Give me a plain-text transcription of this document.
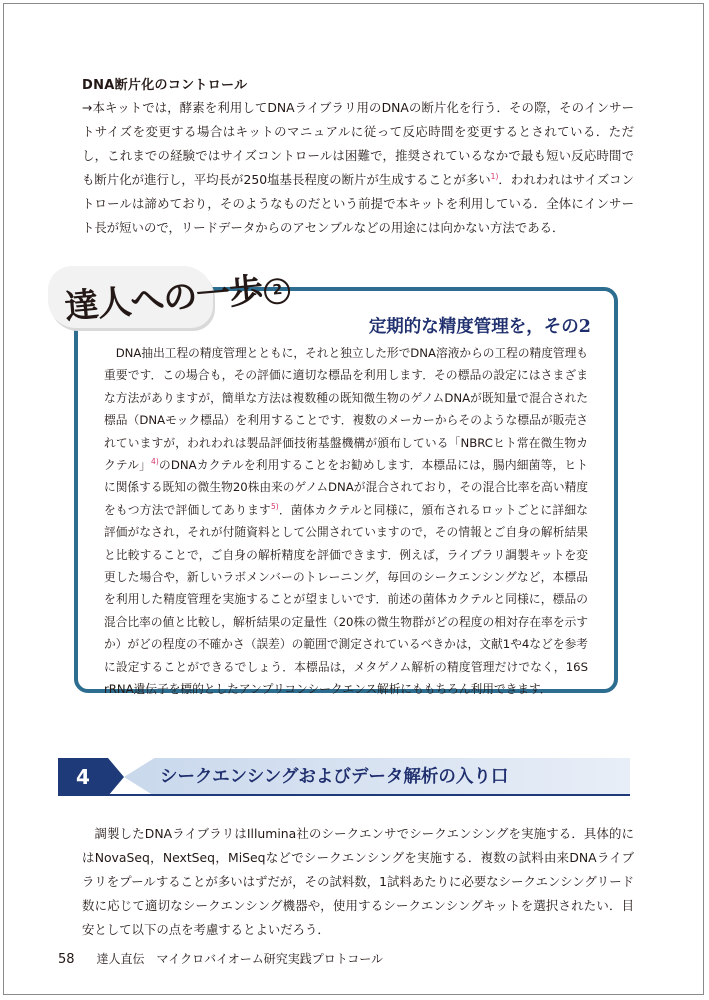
DNA断片化のコントロール

→本キットでは，酵素を利用してDNAライブラリ用のDNAの断片化を行う．その際，そのインサートサイズを変更する場合はキットのマニュアルに従って反応時間を変更するとされている．ただし，これまでの経験ではサイズコントロールは困難で，推奨されているなかで最も短い反応時間でも断片化が進行し，平均長が250塩基長程度の断片が生成することが多い$^{1)}$．われわれはサイズコントロールは諦めており，そのようなものだという前提で本キットを利用している．全体にインサート長が短いので，リードデータからのアセンブルなどの用途には向かない方法である．

達人への一歩 2
定期的な精度管理を，その2

 DNA抽出工程の精度管理とともに，それと独立した形でDNA溶液からの工程の精度管理も重要です．この場合も，その評価に適切な標品を利用します．その標品の設定にはさまざまな方法がありますが，簡単な方法は複数種の既知微生物のゲノムDNAが既知量で混合された標品（DNAモック標品）を利用することです．複数のメーカーからそのような標品が販売されていますが，われわれは製品評価技術基盤機構が頒布している「NBRCヒト常在微生物カクテル」$^{4)}$のDNAカクテルを利用することをお勧めします．本標品には，腸内細菌等，ヒトに関係する既知の微生物20株由来のゲノムDNAが混合されており，その混合比率を高い精度をもつ方法で評価してあります$^{5)}$．菌体カクテルと同様に，頒布されるロットごとに詳細な評価がなされ，それが付随資料として公開されていますので，その情報とご自身の解析結果と比較することで，ご自身の解析精度を評価できます．例えば，ライブラリ調製キットを変更した場合や，新しいラボメンバーのトレーニング，毎回のシークエンシングなど，本標品を利用した精度管理を実施することが望ましいです．前述の菌体カクテルと同様に，標品の混合比率の値と比較し，解析結果の定量性（20株の微生物群がどの程度の相対存在率を示すか）がどの程度の不確かさ（誤差）の範囲で測定されているべきかは，文献1や4などを参考に設定することができるでしょう．本標品は，メタゲノム解析の精度管理だけでなく，16S rRNA遺伝子を標的としたアンプリコンシークエンス解析にももちろん利用できます．

4	シークエンシングおよびデータ解析の入り口

 調製したDNAライブラリはIllumina社のシークエンサでシークエンシングを実施する．具体的にはNovaSeq，NextSeq，MiSeqなどでシークエンシングを実施する．複数の試料由来DNAライブラリをプールすることが多いはずだが，その試料数，1試料あたりに必要なシークエンシングリード数に応じて適切なシークエンシング機器や，使用するシークエンシングキットを選択されたい．目安として以下の点を考慮するとよいだろう．

58 達人直伝　マイクロバイオーム研究実践プロトコール
